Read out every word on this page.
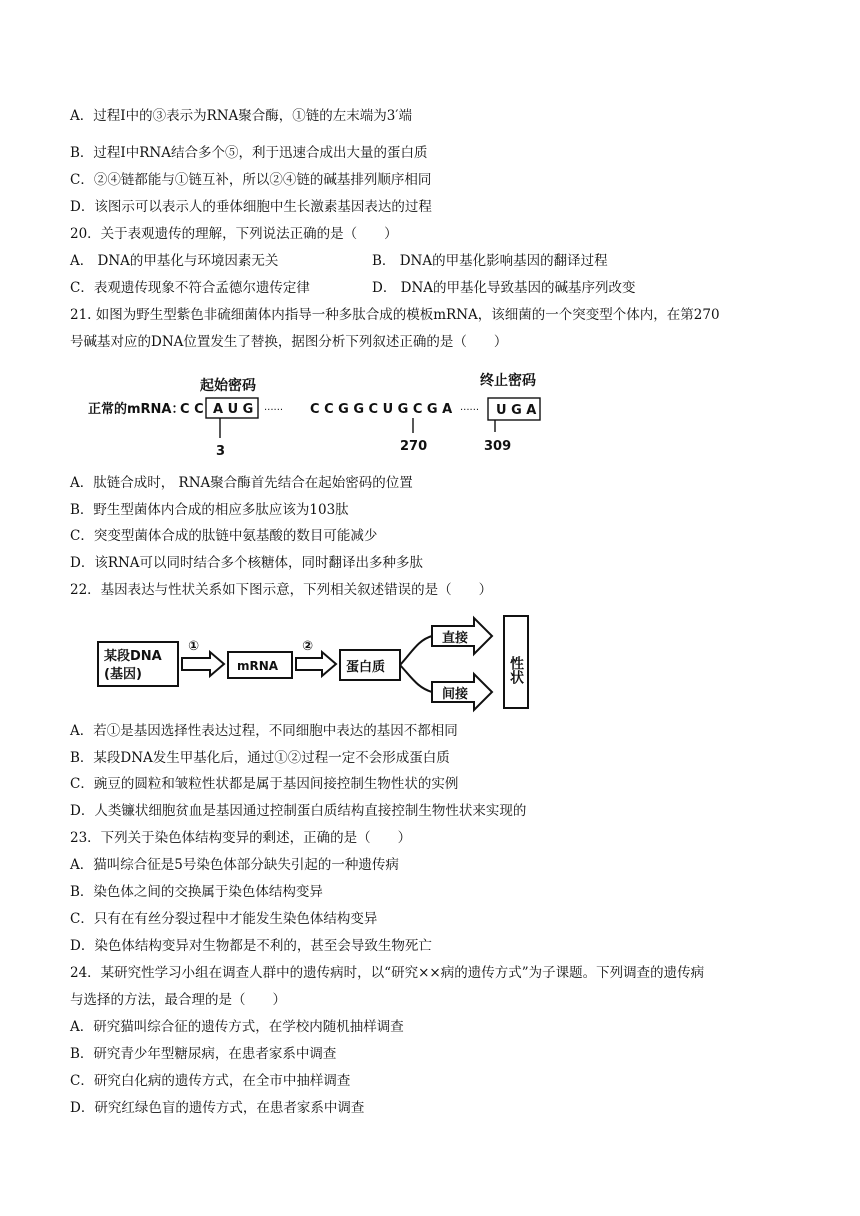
A．过程Ⅰ中的③表示为RNA聚合酶，①链的左末端为3′端
B．过程Ⅰ中RNA结合多个⑤，利于迅速合成出大量的蛋白质
C．②④链都能与①链互补，所以②④链的碱基排列顺序相同
D．该图示可以表示人的垂体细胞中生长激素基因表达的过程
20．关于表观遗传的理解，下列说法正确的是（　　）
A． DNA的甲基化与环境因素无关	B． DNA的甲基化影响基因的翻译过程
C．表观遗传现象不符合孟德尔遗传定律	D． DNA的甲基化导致基因的碱基序列改变
21. 如图为野生型紫色非硫细菌体内指导一种多肽合成的模板mRNA，该细菌的一个突变型个体内，在第270
号碱基对应的DNA位置发生了替换，据图分析下列叙述正确的是（　　）
起始密码	终止密码
正常的mRNA：
C C A U G ······ C C G G C U G C G A ······ U G A
3	270	309
A．肽链合成时， RNA聚合酶首先结合在起始密码的位置
B．野生型菌体内合成的相应多肽应该为103肽
C．突变型菌体合成的肽链中氨基酸的数目可能减少
D．该RNA可以同时结合多个核糖体，同时翻译出多种多肽
22．基因表达与性状关系如下图示意，下列相关叙述错误的是（　　）
某段DNA
(基因)
①
mRNA
②
蛋白质
直接
间接
性状
A．若①是基因选择性表达过程，不同细胞中表达的基因不都相同
B．某段DNA发生甲基化后，通过①②过程一定不会形成蛋白质
C．豌豆的圆粒和皱粒性状都是属于基因间接控制生物性状的实例
D．人类镰状细胞贫血是基因通过控制蛋白质结构直接控制生物性状来实现的
23．下列关于染色体结构变异的剩述，正确的是（　　）
A．猫叫综合征是5号染色体部分缺失引起的一种遗传病
B．染色体之间的交换属于染色体结构变异
C．只有在有丝分裂过程中才能发生染色体结构变异
D．染色体结构变异对生物都是不利的，甚至会导致生物死亡
24．某研究性学习小组在调查人群中的遗传病时，以“研究××病的遗传方式”为子课题。下列调查的遗传病
与选择的方法，最合理的是（　　）
A．研究猫叫综合征的遗传方式，在学校内随机抽样调查
B．研究青少年型糖尿病，在患者家系中调查
C．研究白化病的遗传方式，在全市中抽样调查
D．研究红绿色盲的遗传方式，在患者家系中调查
